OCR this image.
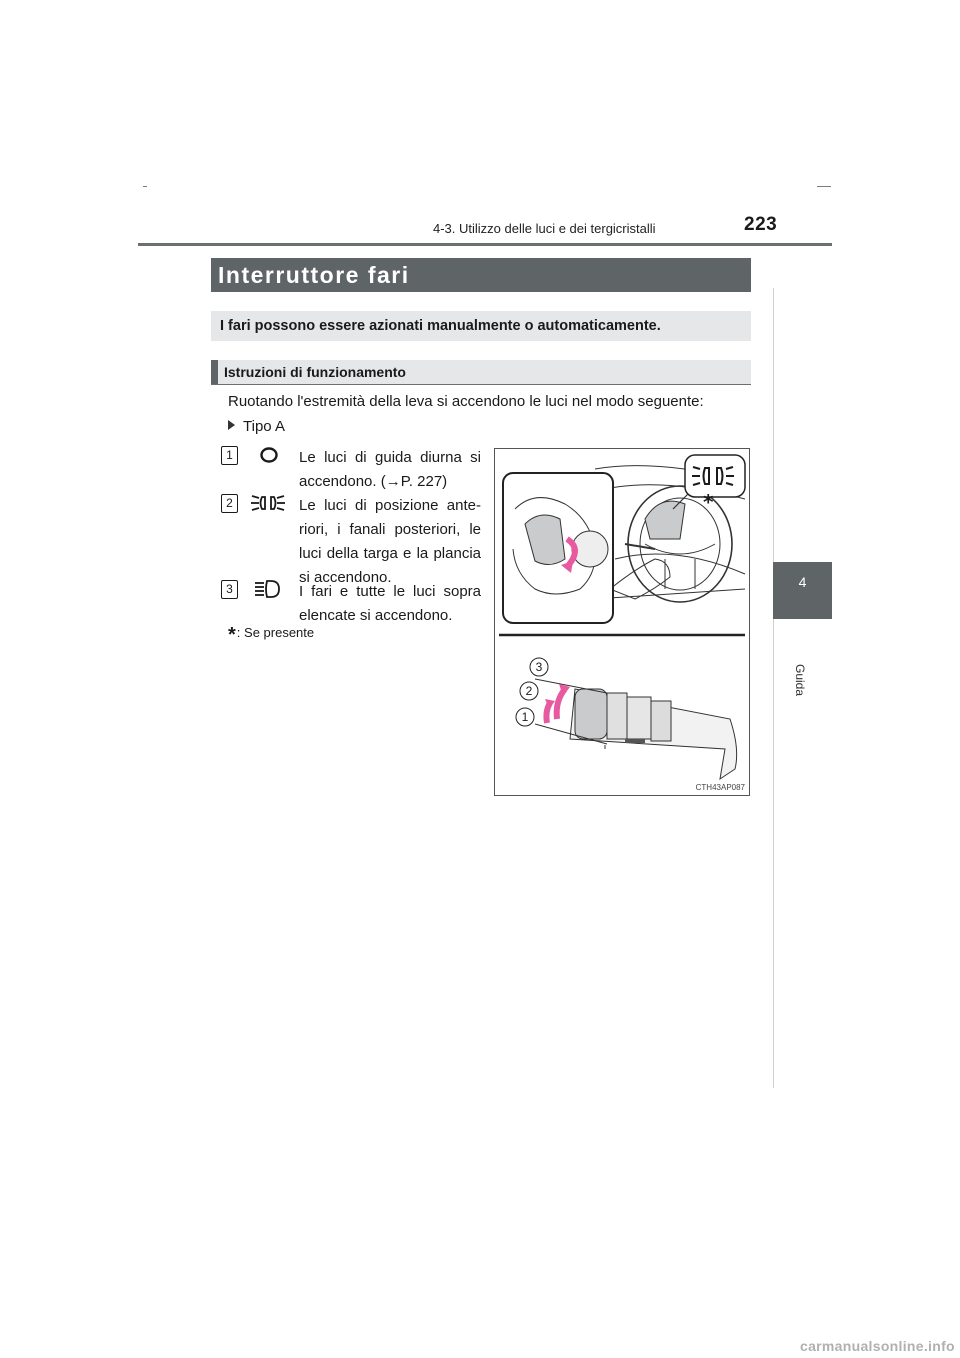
4-3. Utilizzo delle luci e dei tergicristalli	223
4
Guida
Interruttore fari
I fari possono essere azionati manualmente o automaticamente.
Istruzioni di funzionamento
Ruotando l'estremità della leva si accendono le luci nel modo seguente:
Tipo A
1	Le luci di guida diurna si accendono. (→P. 227)
2	Le luci di posizione ante-riori, i fanali posteriori, le luci della targa e la plancia si accendono.
3	I fari e tutte le luci sopra elencate si accendono.
*: Se presente
*
3
2
1
CTH43AP087
carmanualsonline.info
